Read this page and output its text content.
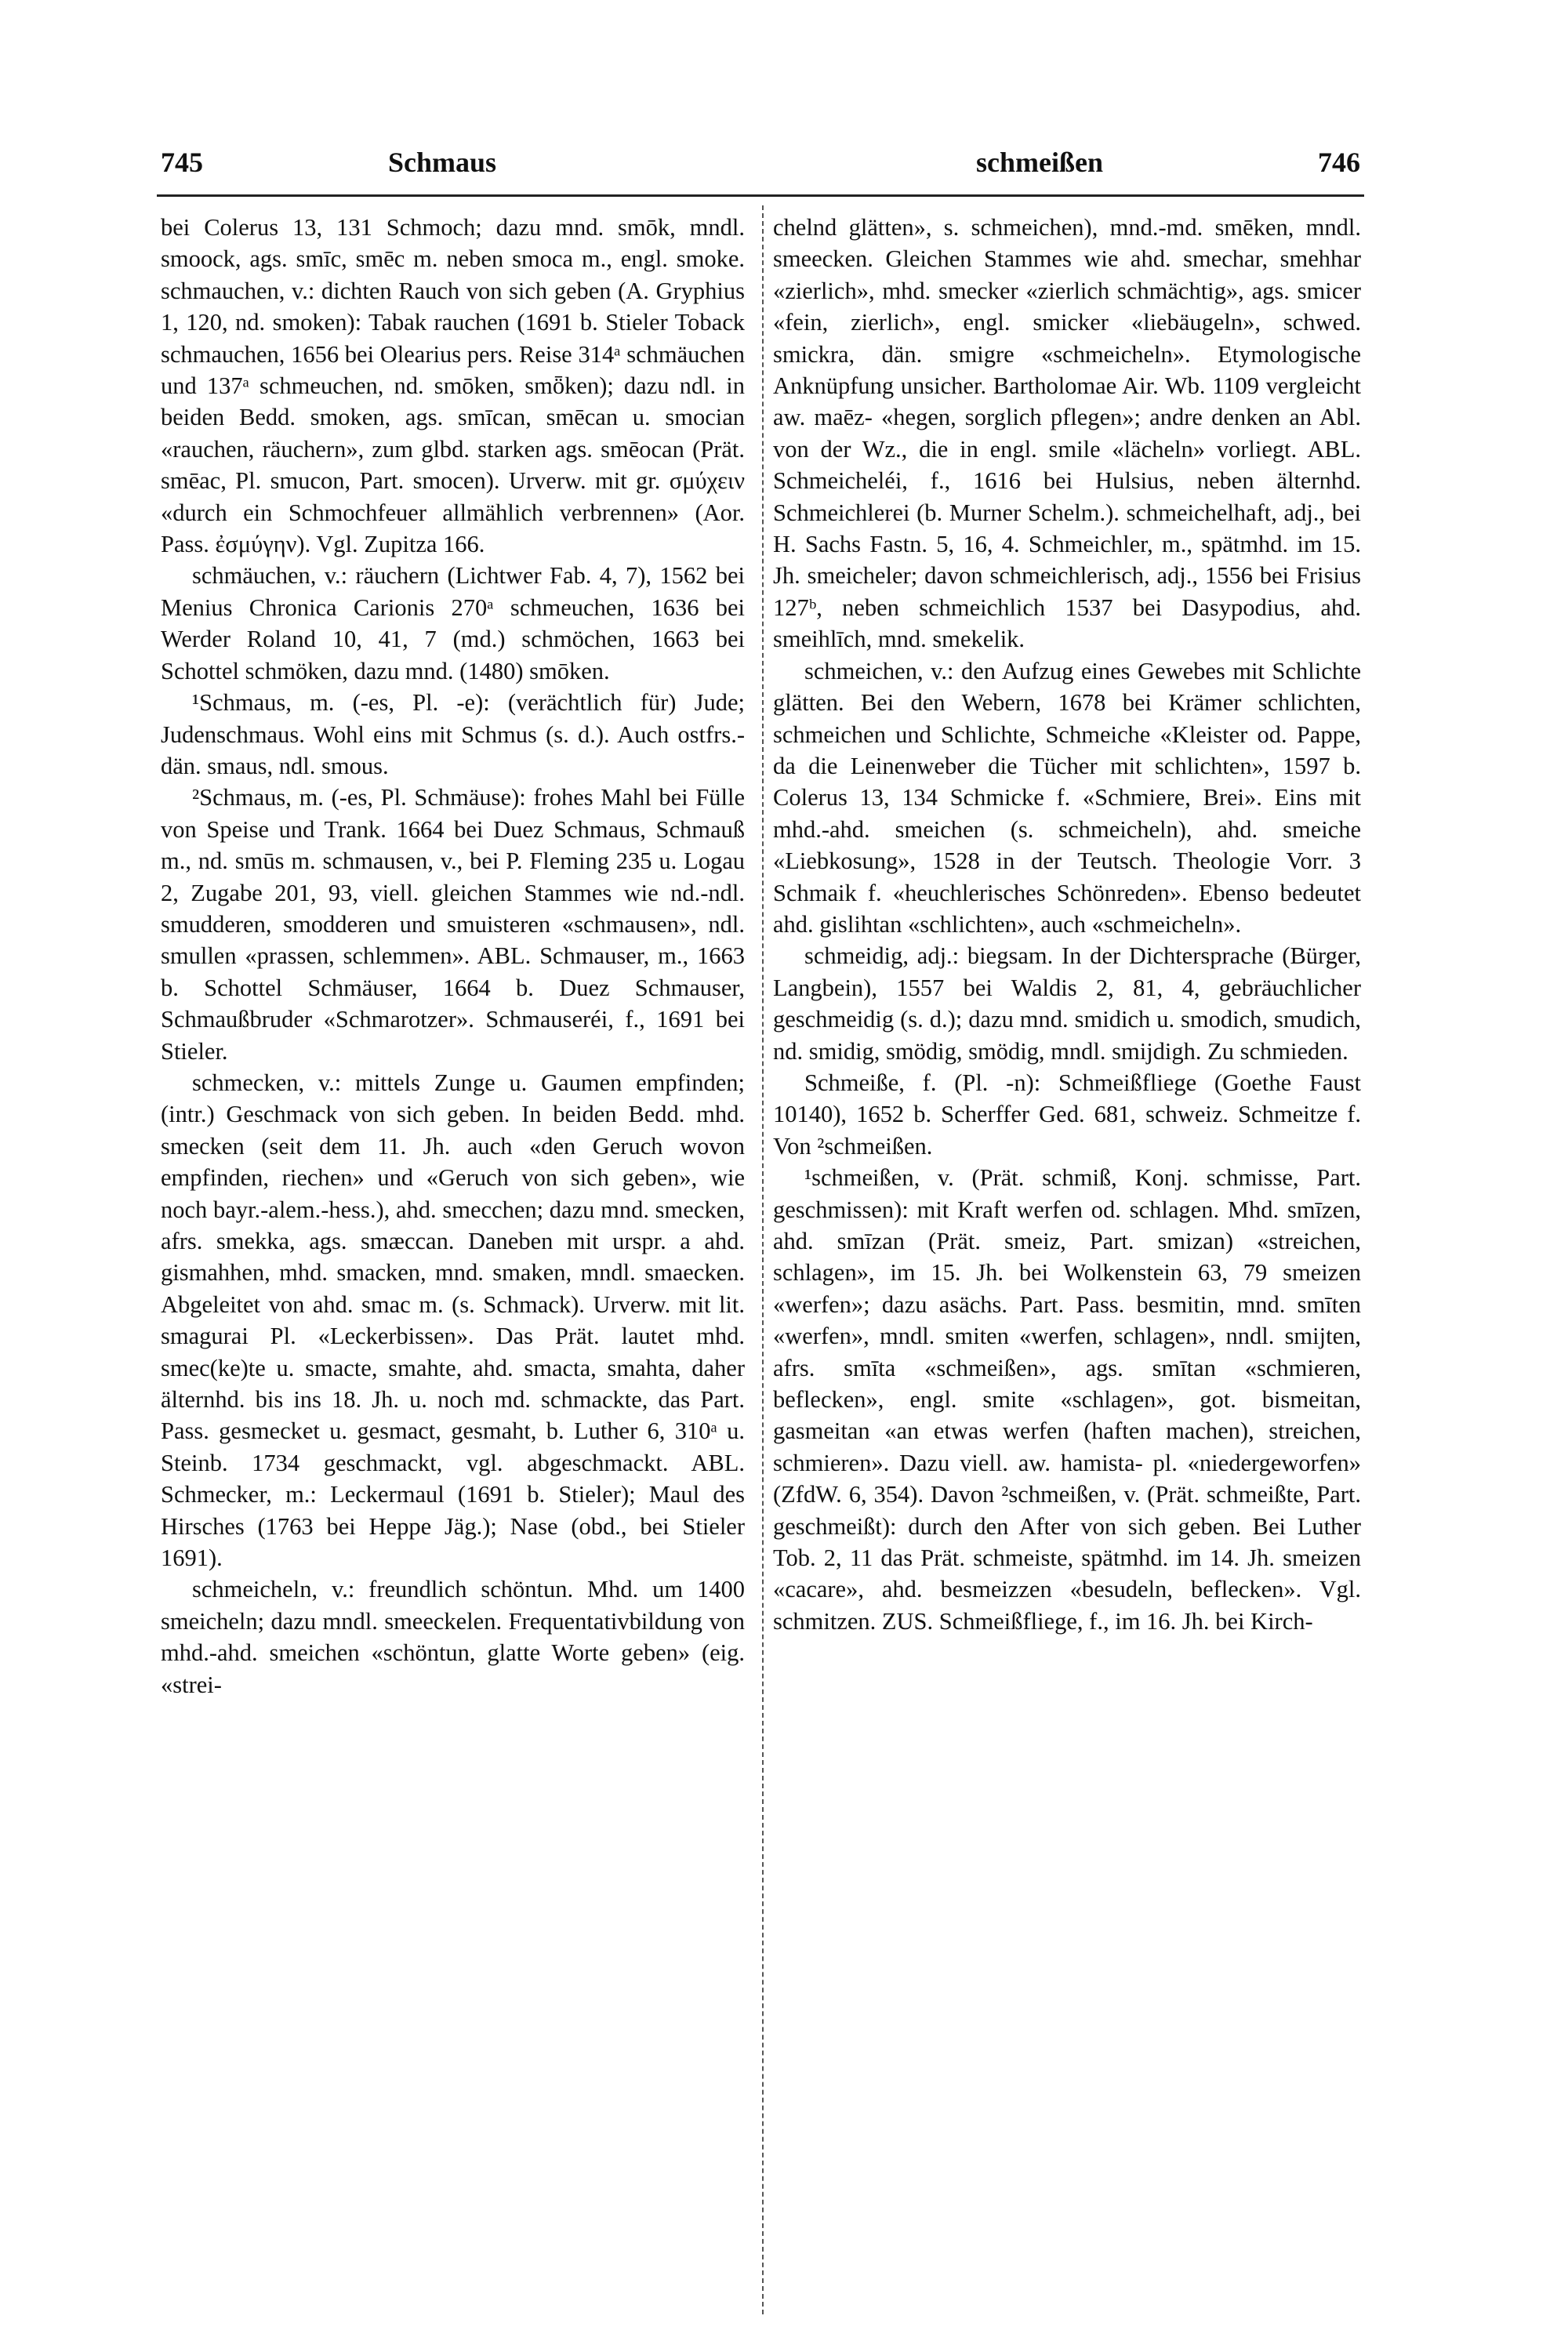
745	Schmaus	schmeißen	746

bei Colerus 13, 131 Schmoch; dazu mnd. smōk, mndl. smoock, ags. smīc, smēc m. neben smoca m., engl. smoke. schmauchen, v.: dichten Rauch von sich geben (A. Gryphius 1, 120, nd. smoken): Tabak rauchen (1691 b. Stieler Toback schmauchen, 1656 bei Olearius pers. Reise 314ᵃ schmäuchen und 137ᵃ schmeuchen, nd. smōken, smȫken); dazu ndl. in beiden Bedd. smoken, ags. smīcan, smēcan u. smocian «rauchen, räuchern», zum glbd. starken ags. smēocan (Prät. smēac, Pl. smucon, Part. smocen). Urverw. mit gr. σμύχειν «durch ein Schmochfeuer allmählich verbrennen» (Aor. Pass. ἐσμύγην). Vgl. Zupitza 166.

schmäuchen, v.: räuchern (Lichtwer Fab. 4, 7), 1562 bei Menius Chronica Carionis 270ᵃ schmeuchen, 1636 bei Werder Roland 10, 41, 7 (md.) schmöchen, 1663 bei Schottel schmöken, dazu mnd. (1480) smōken.

¹Schmaus, m. (-es, Pl. -e): (verächtlich für) Jude; Judenschmaus. Wohl eins mit Schmus (s. d.). Auch ostfrs.-dän. smaus, ndl. smous.

²Schmaus, m. (-es, Pl. Schmäuse): frohes Mahl bei Fülle von Speise und Trank. 1664 bei Duez Schmaus, Schmauß m., nd. smūs m. schmausen, v., bei P. Fleming 235 u. Logau 2, Zugabe 201, 93, viell. gleichen Stammes wie nd.-ndl. smudderen, smodderen und smuisteren «schmausen», ndl. smullen «prassen, schlemmen». ABL. Schmauser, m., 1663 b. Schottel Schmäuser, 1664 b. Duez Schmauser, Schmaußbruder «Schmarotzer». Schmauseréi, f., 1691 bei Stieler.

schmecken, v.: mittels Zunge u. Gaumen empfinden; (intr.) Geschmack von sich geben. In beiden Bedd. mhd. smecken (seit dem 11. Jh. auch «den Geruch wovon empfinden, riechen» und «Geruch von sich geben», wie noch bayr.-alem.-hess.), ahd. smecchen; dazu mnd. smecken, afrs. smekka, ags. smæccan. Daneben mit urspr. a ahd. gismahhen, mhd. smacken, mnd. smaken, mndl. smaecken. Abgeleitet von ahd. smac m. (s. Schmack). Urverw. mit lit. smagurai Pl. «Leckerbissen». Das Prät. lautet mhd. smec(ke)te u. smacte, smahte, ahd. smacta, smahta, daher älternhd. bis ins 18. Jh. u. noch md. schmackte, das Part. Pass. gesmecket u. gesmact, gesmaht, b. Luther 6, 310ᵃ u. Steinb. 1734 geschmackt, vgl. abgeschmackt. ABL. Schmecker, m.: Leckermaul (1691 b. Stieler); Maul des Hirsches (1763 bei Heppe Jäg.); Nase (obd., bei Stieler 1691).

schmeicheln, v.: freundlich schöntun. Mhd. um 1400 smeicheln; dazu mndl. smeeckelen. Frequentativbildung von mhd.-ahd. smeichen «schöntun, glatte Worte geben» (eig. «strei-

chelnd glätten», s. schmeichen), mnd.-md. smēken, mndl. smeecken. Gleichen Stammes wie ahd. smechar, smehhar «zierlich», mhd. smecker «zierlich schmächtig», ags. smicer «fein, zierlich», engl. smicker «liebäugeln», schwed. smickra, dän. smigre «schmeicheln». Etymologische Anknüpfung unsicher. Bartholomae Air. Wb. 1109 vergleicht aw. maēz- «hegen, sorglich pflegen»; andre denken an Abl. von der Wz., die in engl. smile «lächeln» vorliegt. ABL. Schmeicheléi, f., 1616 bei Hulsius, neben älternhd. Schmeichlerei (b. Murner Schelm.). schmeichelhaft, adj., bei H. Sachs Fastn. 5, 16, 4. Schmeichler, m., spätmhd. im 15. Jh. smeicheler; davon schmeichlerisch, adj., 1556 bei Frisius 127ᵇ, neben schmeichlich 1537 bei Dasypodius, ahd. smeihlīch, mnd. smekelik.

schmeichen, v.: den Aufzug eines Gewebes mit Schlichte glätten. Bei den Webern, 1678 bei Krämer schlichten, schmeichen und Schlichte, Schmeiche «Kleister od. Pappe, da die Leinenweber die Tücher mit schlichten», 1597 b. Colerus 13, 134 Schmicke f. «Schmiere, Brei». Eins mit mhd.-ahd. smeichen (s. schmeicheln), ahd. smeiche «Liebkosung», 1528 in der Teutsch. Theologie Vorr. 3 Schmaik f. «heuchlerisches Schönreden». Ebenso bedeutet ahd. gislihtan «schlichten», auch «schmeicheln».

schmeidig, adj.: biegsam. In der Dichtersprache (Bürger, Langbein), 1557 bei Waldis 2, 81, 4, gebräuchlicher geschmeidig (s. d.); dazu mnd. smidich u. smodich, smudich, nd. smidig, smödig, smödig, mndl. smijdigh. Zu schmieden.

Schmeiße, f. (Pl. -n): Schmeißfliege (Goethe Faust 10140), 1652 b. Scherffer Ged. 681, schweiz. Schmeitze f. Von ²schmeißen.

¹schmeißen, v. (Prät. schmiß, Konj. schmisse, Part. geschmissen): mit Kraft werfen od. schlagen. Mhd. smīzen, ahd. smīzan (Prät. smeiz, Part. smizan) «streichen, schlagen», im 15. Jh. bei Wolkenstein 63, 79 smeizen «werfen»; dazu asächs. Part. Pass. besmitin, mnd. smīten «werfen», mndl. smiten «werfen, schlagen», nndl. smijten, afrs. smīta «schmeißen», ags. smītan «schmieren, beflecken», engl. smite «schlagen», got. bismeitan, gasmeitan «an etwas werfen (haften machen), streichen, schmieren». Dazu viell. aw. hamista- pl. «niedergeworfen» (ZfdW. 6, 354). Davon ²schmeißen, v. (Prät. schmeißte, Part. geschmeißt): durch den After von sich geben. Bei Luther Tob. 2, 11 das Prät. schmeiste, spätmhd. im 14. Jh. smeizen «cacare», ahd. besmeizzen «besudeln, beflecken». Vgl. schmitzen. ZUS. Schmeißfliege, f., im 16. Jh. bei Kirch-
